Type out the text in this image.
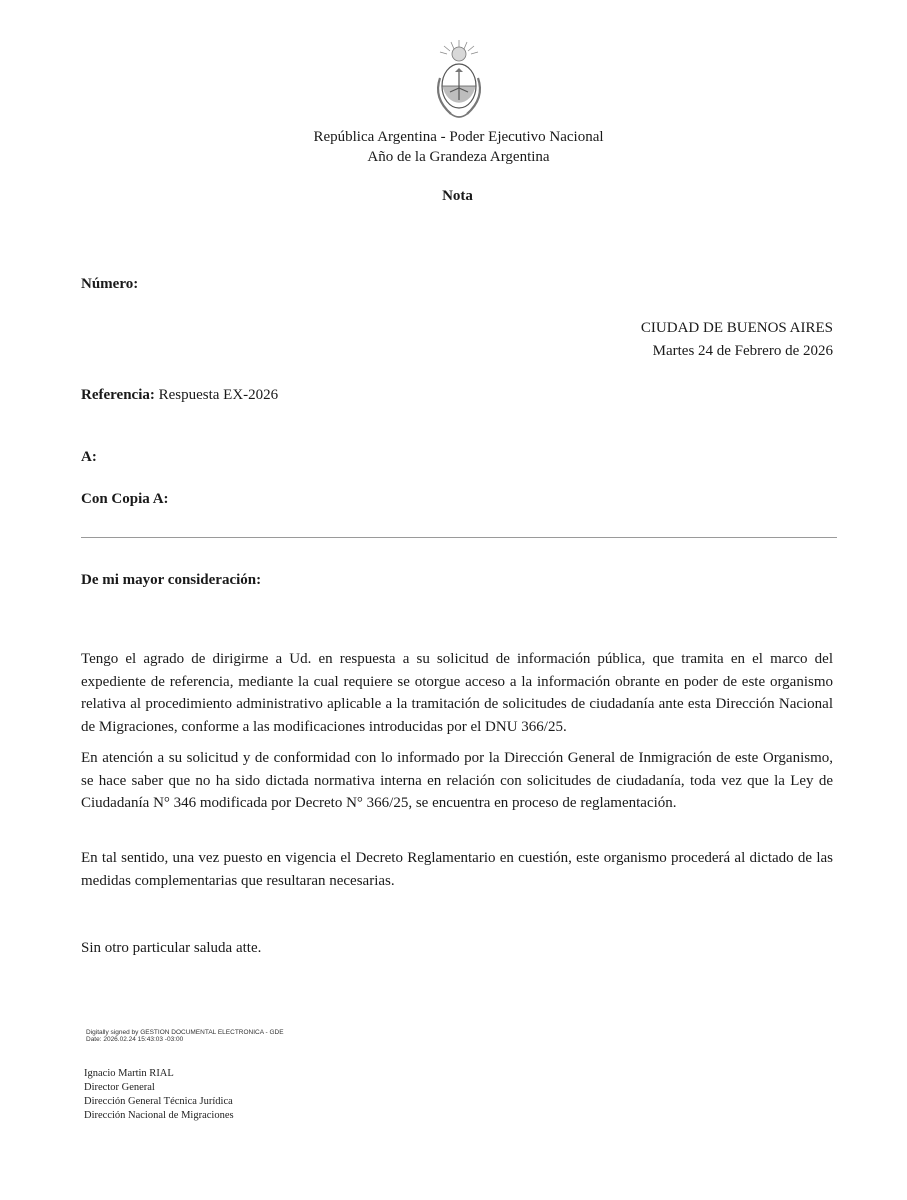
República Argentina - Poder Ejecutivo Nacional
Año de la Grandeza Argentina
Nota
Número:
CIUDAD DE BUENOS AIRES
Martes 24 de Febrero de 2026
Referencia: Respuesta EX-2026
A:
Con Copia A:
De mi mayor consideración:
Tengo el agrado de dirigirme a Ud. en respuesta a su solicitud de información pública, que tramita en el marco del expediente de referencia, mediante la cual requiere se otorgue acceso a la información obrante en poder de este organismo relativa al procedimiento administrativo aplicable a la tramitación de solicitudes de ciudadanía ante esta Dirección Nacional de Migraciones, conforme a las modificaciones introducidas por el DNU 366/25.
En atención a su solicitud y de conformidad con lo informado por la Dirección General de Inmigración de este Organismo, se hace saber que no ha sido dictada normativa interna en relación con solicitudes de ciudadanía, toda vez que la Ley de Ciudadanía N° 346 modificada por Decreto N° 366/25, se encuentra en proceso de reglamentación.
En tal sentido, una vez puesto en vigencia el Decreto Reglamentario en cuestión, este organismo procederá al dictado de las medidas complementarias que resultaran necesarias.
Sin otro particular saluda atte.
Digitally signed by GESTION DOCUMENTAL ELECTRONICA - GDE
Date: 2026.02.24 15:43:03 -03:00
Ignacio Martin RIAL
Director General
Dirección General Técnica Jurídica
Dirección Nacional de Migraciones
